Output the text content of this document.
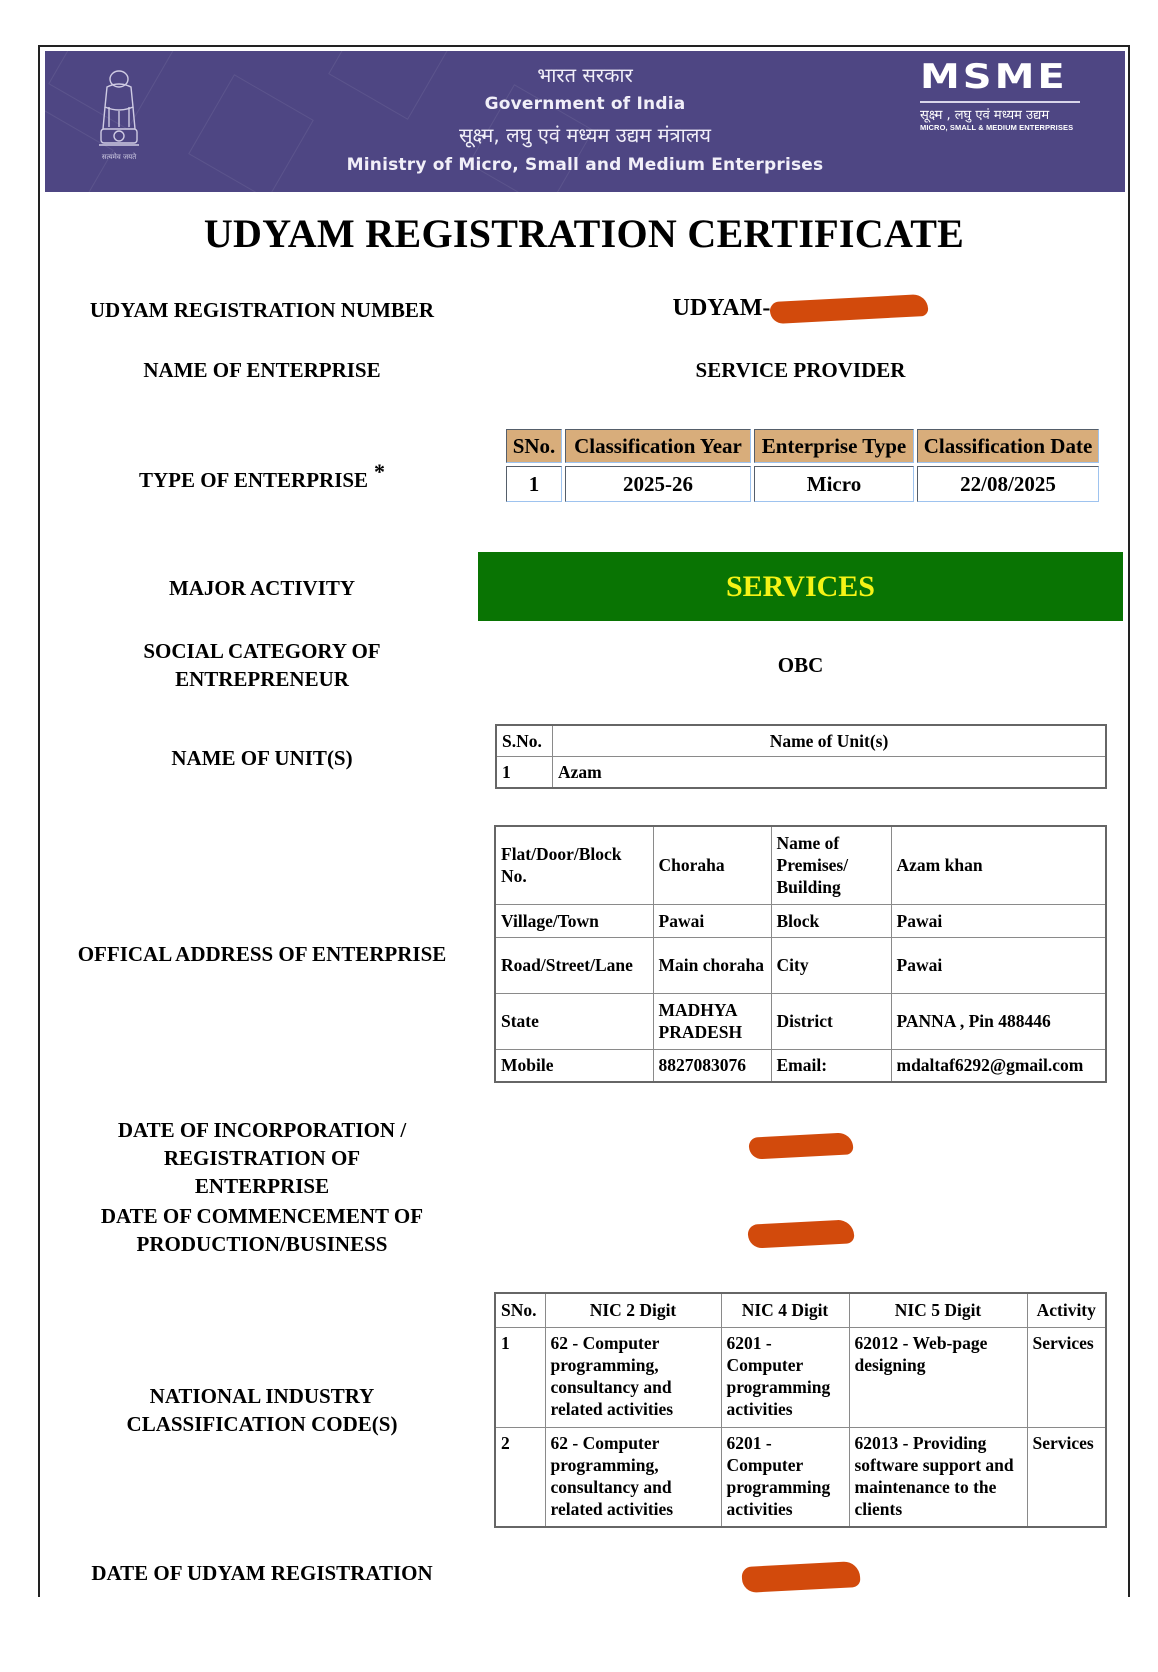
सत्यमेव जयते
भारत सरकार
Government of India
सूक्ष्म, लघु एवं मध्यम उद्यम मंत्रालय
Ministry of Micro, Small and Medium Enterprises
MSME
सूक्ष्म , लघु एवं मध्यम उद्यम
MICRO, SMALL & MEDIUM ENTERPRISES
UDYAM REGISTRATION CERTIFICATE
UDYAM REGISTRATION NUMBER	UDYAM-
NAME OF ENTERPRISE	SERVICE PROVIDER
TYPE OF ENTERPRISE *
SNo.	Classification Year	Enterprise Type	Classification Date
1	2025-26	Micro	22/08/2025
MAJOR ACTIVITY	SERVICES
SOCIAL CATEGORY OF ENTREPRENEUR
OBC
NAME OF UNIT(S)
S.No.	Name of Unit(s)
1	Azam
OFFICAL ADDRESS OF ENTERPRISE
Flat/Door/Block No.	Choraha	Name of Premises/ Building	Azam khan
Village/Town	Pawai	Block	Pawai
Road/Street/Lane	Main choraha	City	Pawai
State	MADHYA PRADESH	District	PANNA , Pin 488446
Mobile	8827083076	Email:	mdaltaf6292@gmail.com
DATE OF INCORPORATION / REGISTRATION OF ENTERPRISE
DATE OF COMMENCEMENT OF PRODUCTION/BUSINESS
NATIONAL INDUSTRY CLASSIFICATION CODE(S)
SNo.	NIC 2 Digit	NIC 4 Digit	NIC 5 Digit	Activity
1	62 - Computer programming, consultancy and related activities	6201 - Computer programming activities	62012 - Web-page designing	Services
2	62 - Computer programming, consultancy and related activities	6201 - Computer programming activities	62013 - Providing software support and maintenance to the clients	Services
DATE OF UDYAM REGISTRATION
